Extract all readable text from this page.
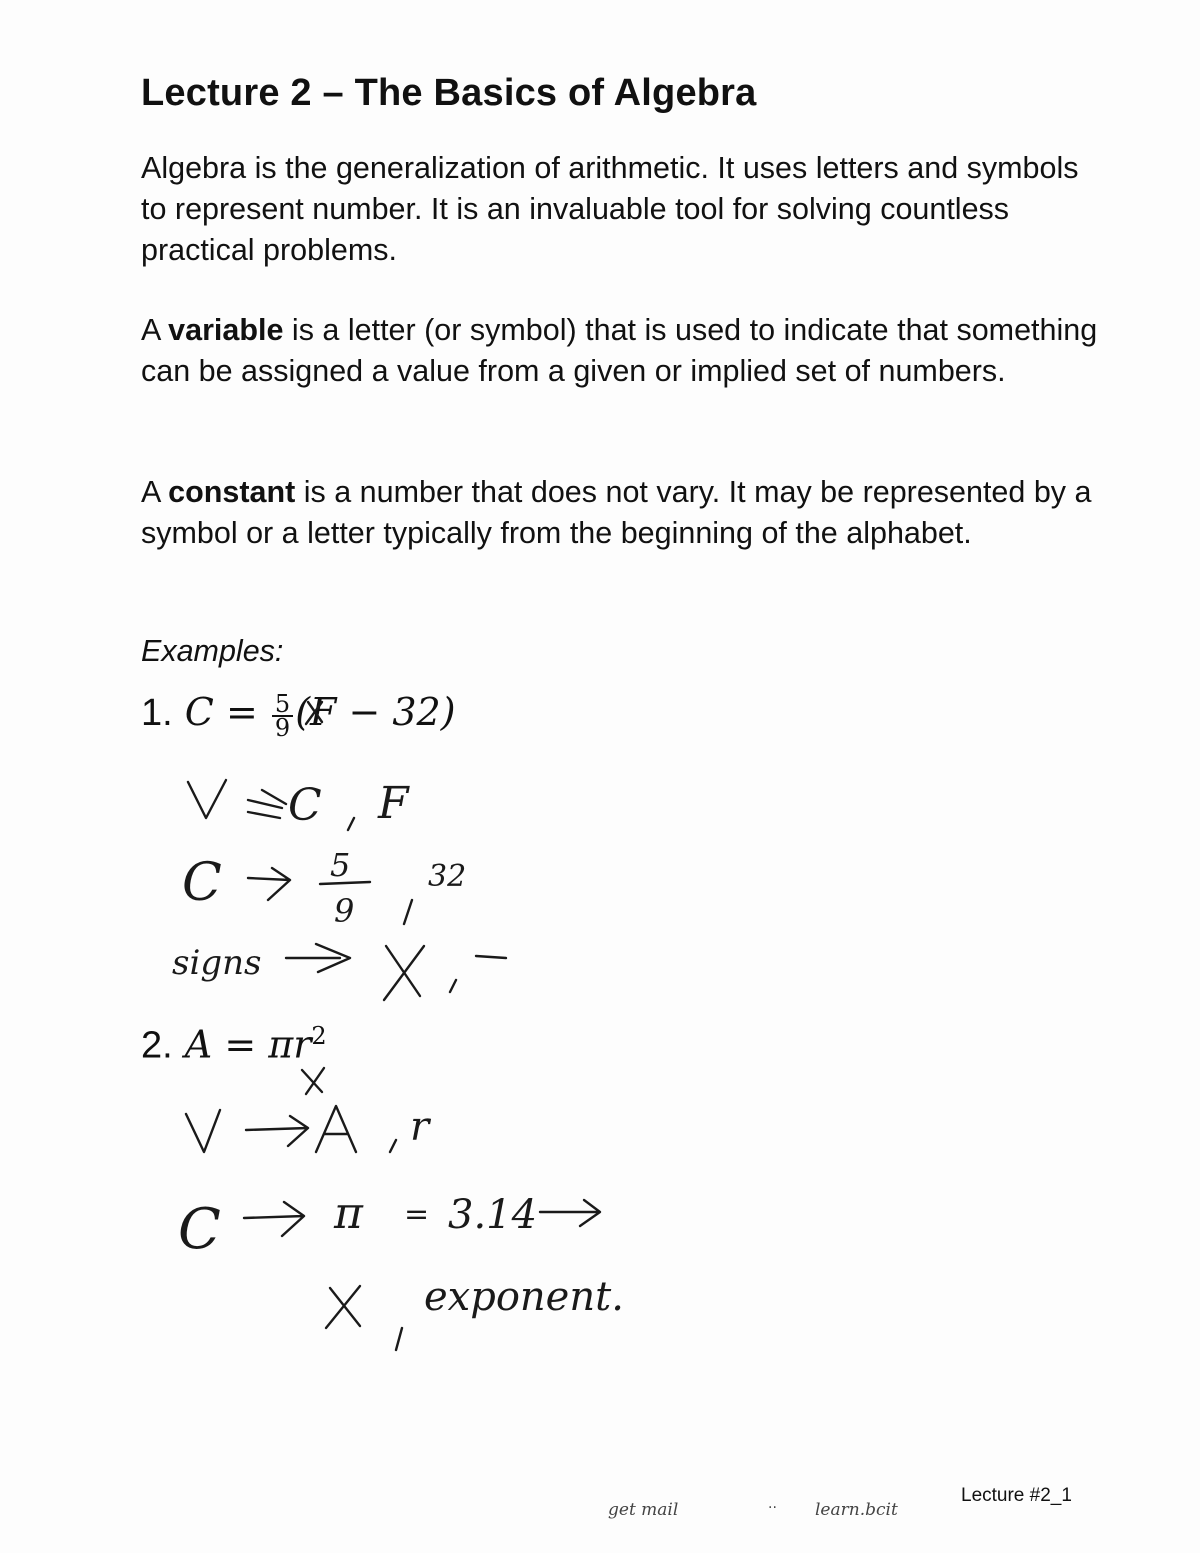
Lecture 2 – The Basics of Algebra
Algebra is the generalization of arithmetic. It uses letters and symbols to represent number. It is an invaluable tool for solving countless practical problems.
A variable is a letter (or symbol) that is used to indicate that something can be assigned a value from a given or implied set of numbers.
A constant is a number that does not vary. It may be represented by a symbol or a letter typically from the beginning of the alphabet.
Examples:
1. $C = \frac{5}{9} (F - 32)$
2. $A = \pi r^2$
C F
C	5
9
32
signs
r
C	π = 3.14
exponent.
get mail	·· learn.bcit
Lecture #2_1
